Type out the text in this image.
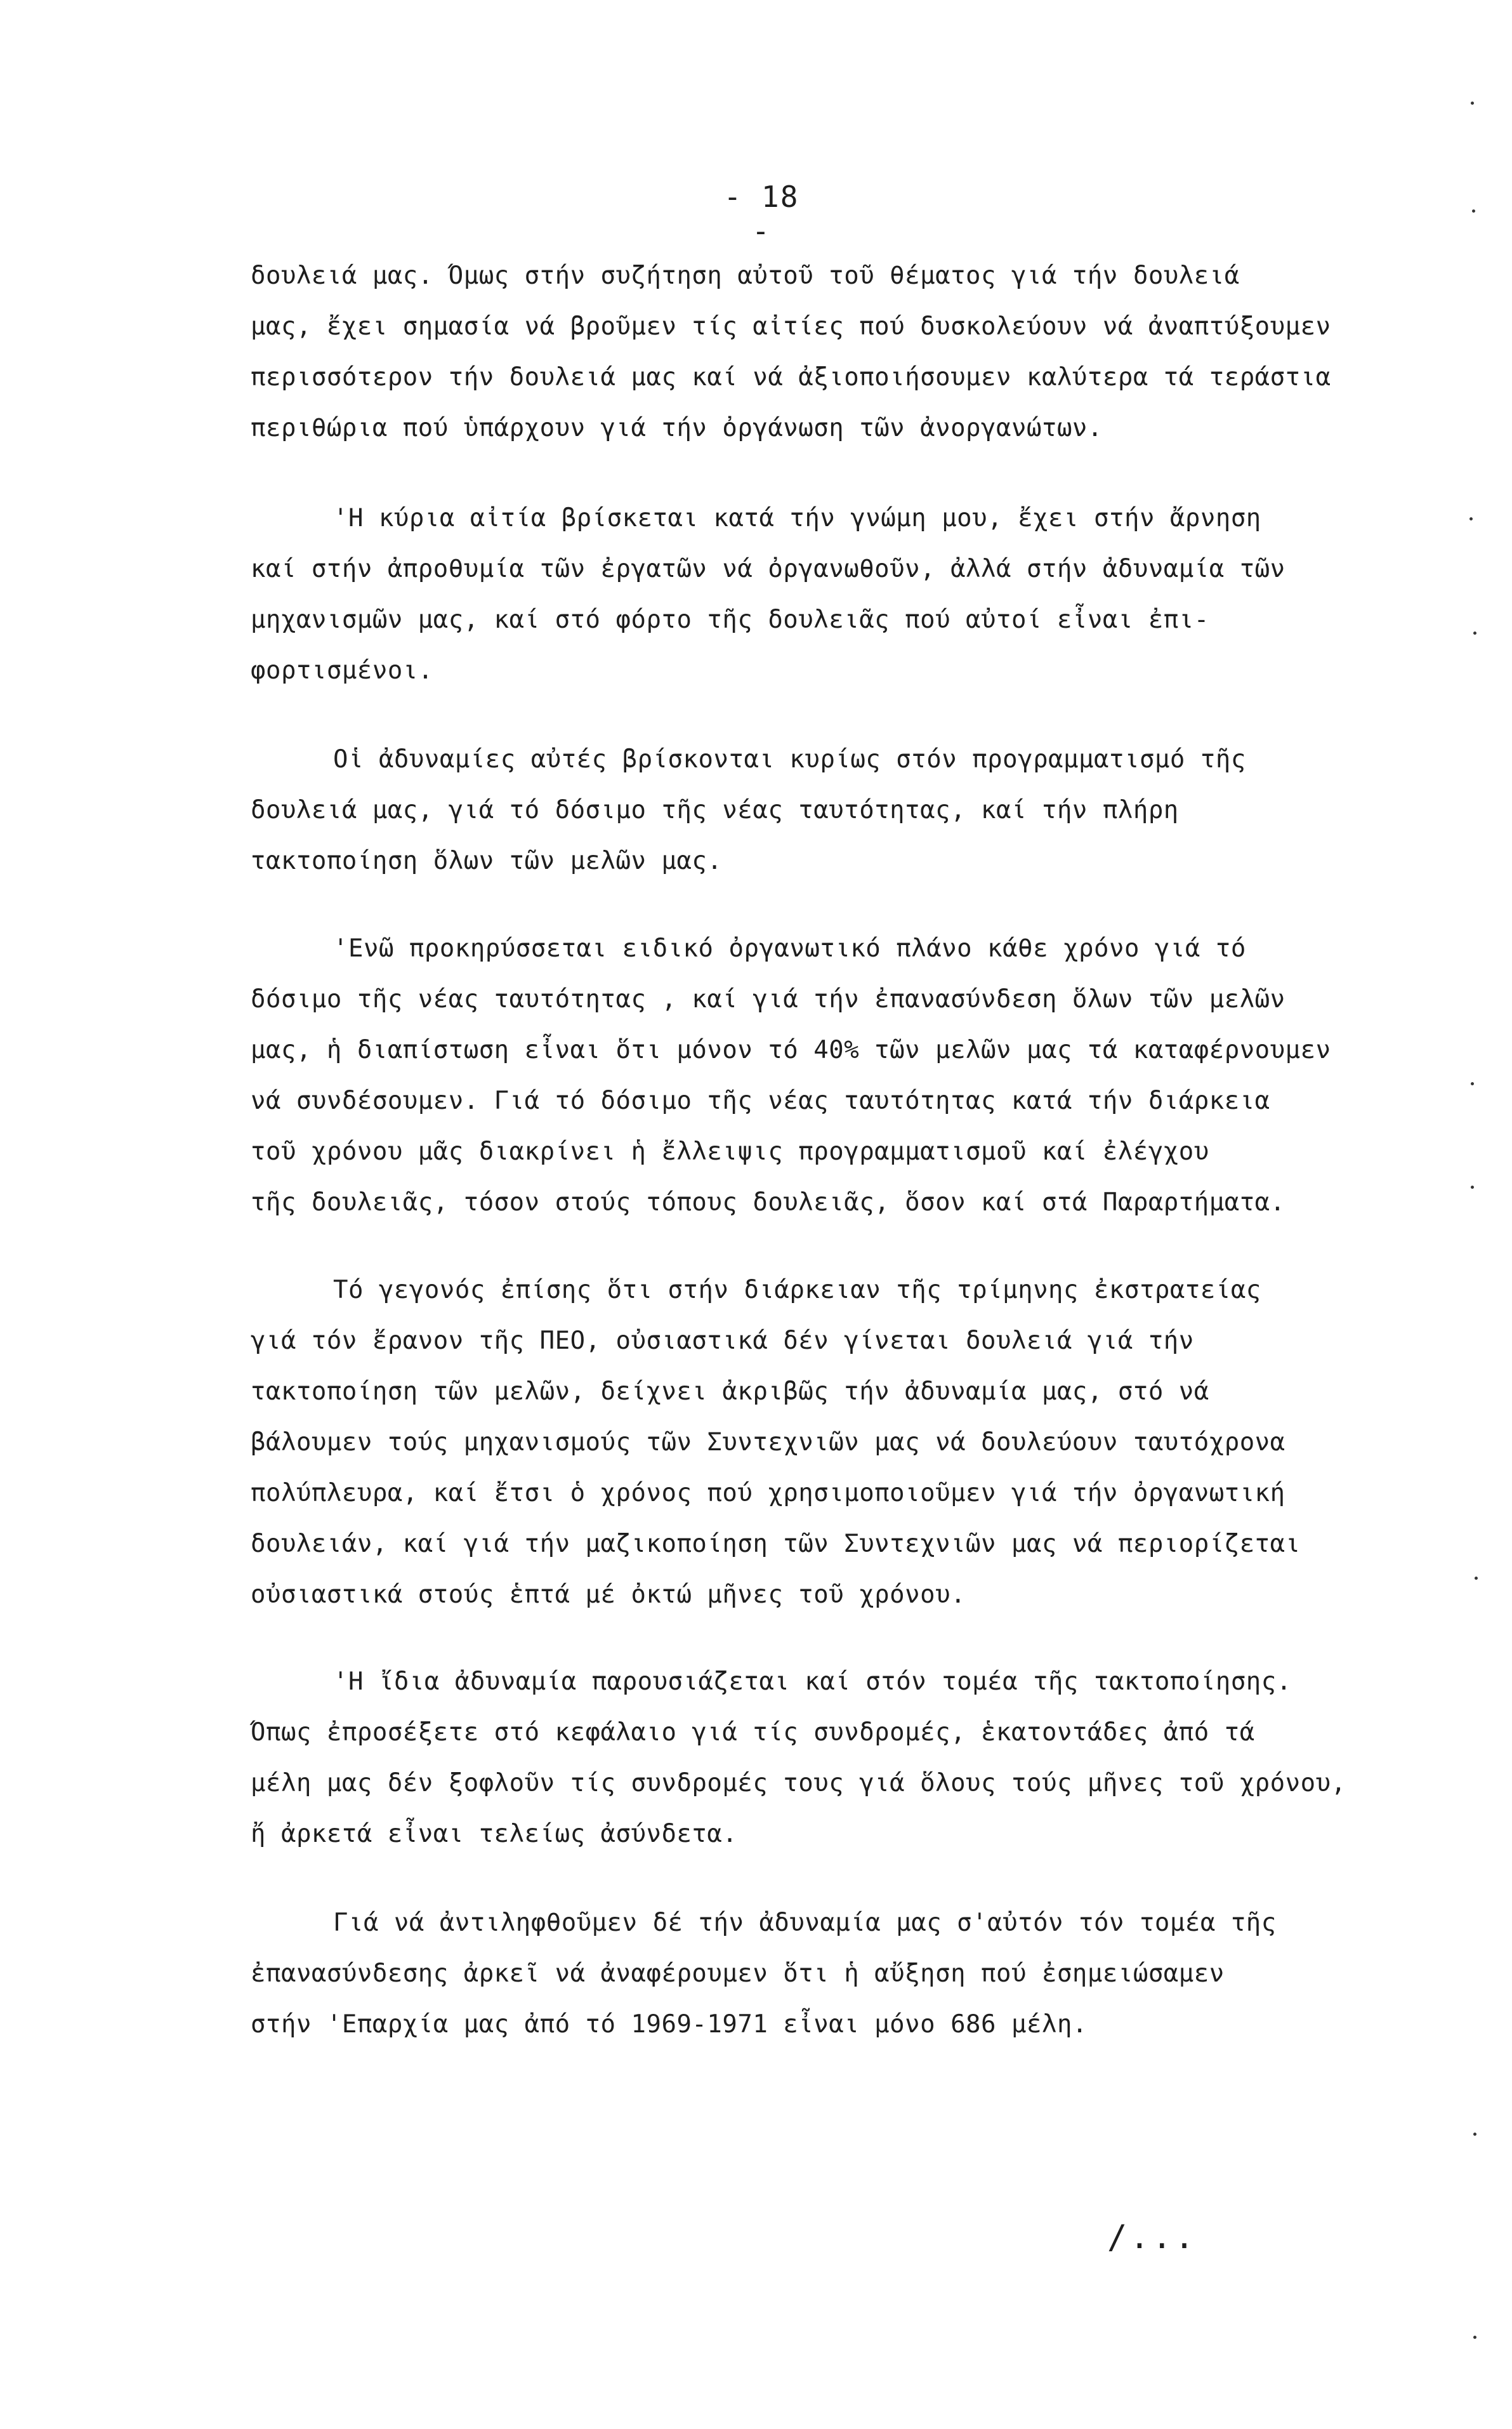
- 18 -
δουλειά μας. Όμως στήν συζήτηση αὐτοῦ τοῦ θέματος γιά τήν δουλειά
μας, ἔχει σημασία νά βροῦμεν τίς αἰτίες πού δυσκολεύουν νά ἀναπτύξουμεν
περισσότερον τήν δουλειά μας καί νά ἀξιοποιήσουμεν καλύτερα τά τεράστια
περιθώρια πού ὑπάρχουν γιά τήν ὀργάνωση τῶν ἀνοργανώτων.
'Η κύρια αἰτία βρίσκεται κατά τήν γνώμη μου, ἔχει στήν ἄρνηση
καί στήν ἀπροθυμία τῶν ἐργατῶν νά ὀργανωθοῦν, ἀλλά στήν ἀδυναμία τῶν
μηχανισμῶν μας, καί στό φόρτο τῆς δουλειᾶς πού αὐτοί εἶναι ἐπι-
φορτισμένοι.
Οἱ ἀδυναμίες αὐτές βρίσκονται κυρίως στόν προγραμματισμό τῆς
δουλειά μας, γιά τό δόσιμο τῆς νέας ταυτότητας, καί τήν πλήρη
τακτοποίηση ὅλων τῶν μελῶν μας.
'Ενῶ προκηρύσσεται ειδικό ὀργανωτικό πλάνο κάθε χρόνο γιά τό
δόσιμο τῆς νέας ταυτότητας , καί γιά τήν ἐπανασύνδεση ὅλων τῶν μελῶν
μας, ἡ διαπίστωση εἶναι ὅτι μόνον τό 40% τῶν μελῶν μας τά καταφέρνουμεν
νά συνδέσουμεν. Γιά τό δόσιμο τῆς νέας ταυτότητας κατά τήν διάρκεια
τοῦ χρόνου μᾶς διακρίνει ἡ ἔλλειψις προγραμματισμοῦ καί ἐλέγχου
τῆς δουλειᾶς, τόσον στούς τόπους δουλειᾶς, ὅσον καί στά Παραρτήματα.
Τό γεγονός ἐπίσης ὅτι στήν διάρκειαν τῆς τρίμηνης ἐκστρατείας
γιά τόν ἔρανον τῆς ΠΕΟ, οὐσιαστικά δέν γίνεται δουλειά γιά τήν
τακτοποίηση τῶν μελῶν, δείχνει ἀκριβῶς τήν ἀδυναμία μας, στό νά
βάλουμεν τούς μηχανισμούς τῶν Συντεχνιῶν μας νά δουλεύουν ταυτόχρονα
πολύπλευρα, καί ἔτσι ὁ χρόνος πού χρησιμοποιοῦμεν γιά τήν ὀργανωτική
δουλειάν, καί γιά τήν μαζικοποίηση τῶν Συντεχνιῶν μας νά περιορίζεται
οὐσιαστικά στούς ἑπτά μέ ὀκτώ μῆνες τοῦ χρόνου.
'Η ἴδια ἀδυναμία παρουσιάζεται καί στόν τομέα τῆς τακτοποίησης.
Όπως ἐπροσέξετε στό κεφάλαιο γιά τίς συνδρομές, ἑκατοντάδες ἀπό τά
μέλη μας δέν ξοφλοῦν τίς συνδρομές τους γιά ὅλους τούς μῆνες τοῦ χρόνου,
ἤ ἀρκετά εἶναι τελείως ἀσύνδετα.
Γιά νά ἀντιληφθοῦμεν δέ τήν ἀδυναμία μας σ'αὐτόν τόν τομέα τῆς
ἐπανασύνδεσης ἀρκεῖ νά ἀναφέρουμεν ὅτι ἡ αὔξηση πού ἐσημειώσαμεν
στήν 'Επαρχία μας ἀπό τό 1969-1971 εἶναι μόνο 686 μέλη.
/...
